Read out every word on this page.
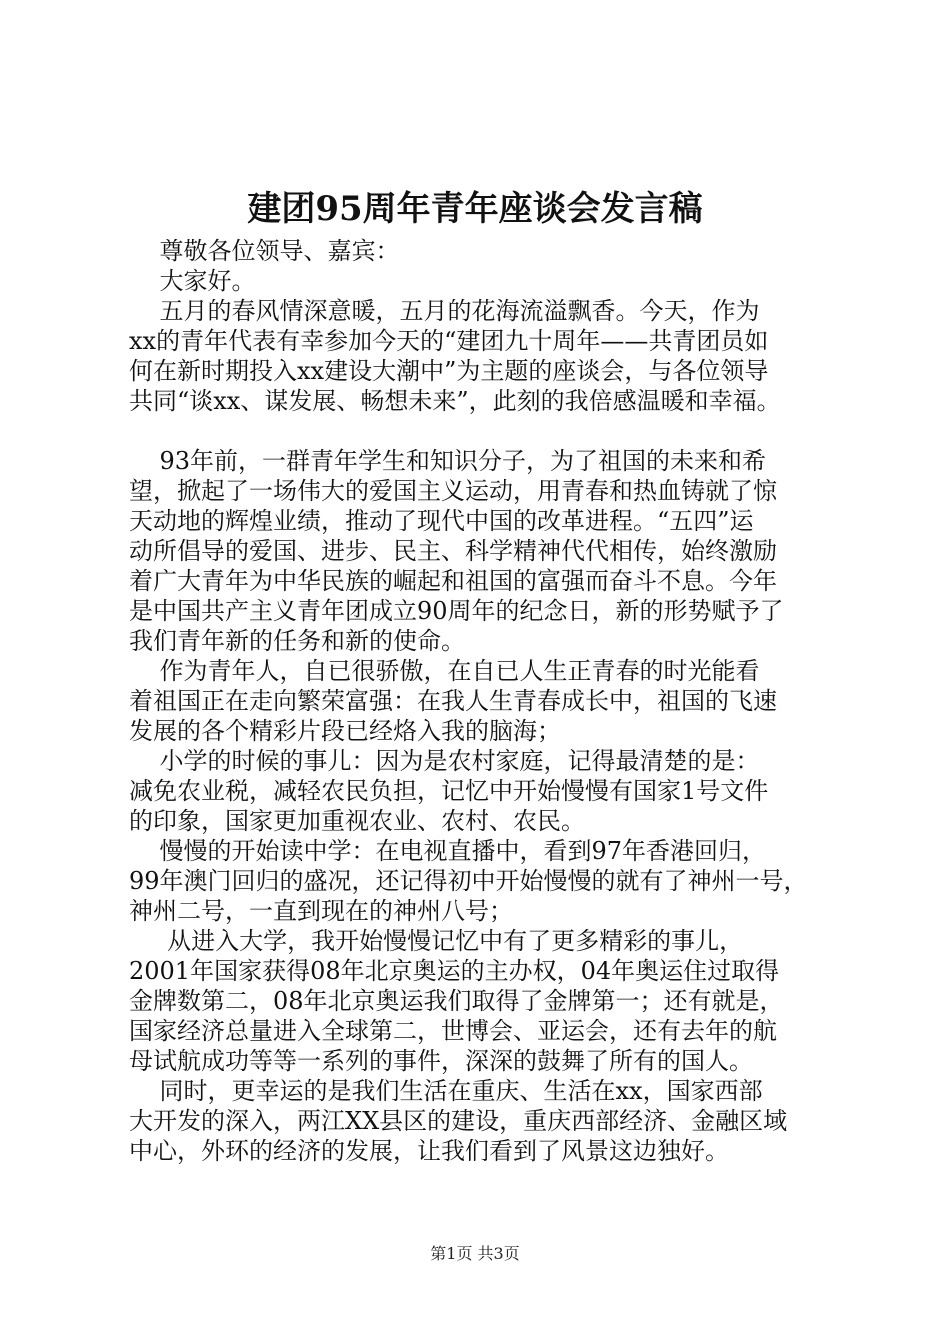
建团95周年青年座谈会发言稿
尊敬各位领导、嘉宾：
大家好。
五月的春风情深意暖，五月的花海流溢飘香。今天，作为
xx的青年代表有幸参加今天的“建团九十周年——共青团员如
何在新时期投入xx建设大潮中”为主题的座谈会，与各位领导
共同“谈xx、谋发展、畅想未来”，此刻的我倍感温暖和幸福。
93年前，一群青年学生和知识分子，为了祖国的未来和希
望，掀起了一场伟大的爱国主义运动，用青春和热血铸就了惊
天动地的辉煌业绩，推动了现代中国的改革进程。“五四”运
动所倡导的爱国、进步、民主、科学精神代代相传，始终激励
着广大青年为中华民族的崛起和祖国的富强而奋斗不息。今年
是中国共产主义青年团成立90周年的纪念日，新的形势赋予了
我们青年新的任务和新的使命。
作为青年人，自已很骄傲，在自已人生正青春的时光能看
着祖国正在走向繁荣富强：在我人生青春成长中，祖国的飞速
发展的各个精彩片段已经烙入我的脑海；
小学的时候的事儿：因为是农村家庭，记得最清楚的是：
减免农业税，减轻农民负担，记忆中开始慢慢有国家1号文件
的印象，国家更加重视农业、农村、农民。
慢慢的开始读中学：在电视直播中，看到97年香港回归，
99年澳门回归的盛况，还记得初中开始慢慢的就有了神州一号，
神州二号，一直到现在的神州八号；
从进入大学，我开始慢慢记忆中有了更多精彩的事儿，
2001年国家获得08年北京奥运的主办权，04年奥运住过取得
金牌数第二，08年北京奥运我们取得了金牌第一；还有就是，
国家经济总量进入全球第二，世博会、亚运会，还有去年的航
母试航成功等等一系列的事件，深深的鼓舞了所有的国人。
同时，更幸运的是我们生活在重庆、生活在xx，国家西部
大开发的深入，两江XX县区的建设，重庆西部经济、金融区域
中心，外环的经济的发展，让我们看到了风景这边独好。
第1页 共3页
